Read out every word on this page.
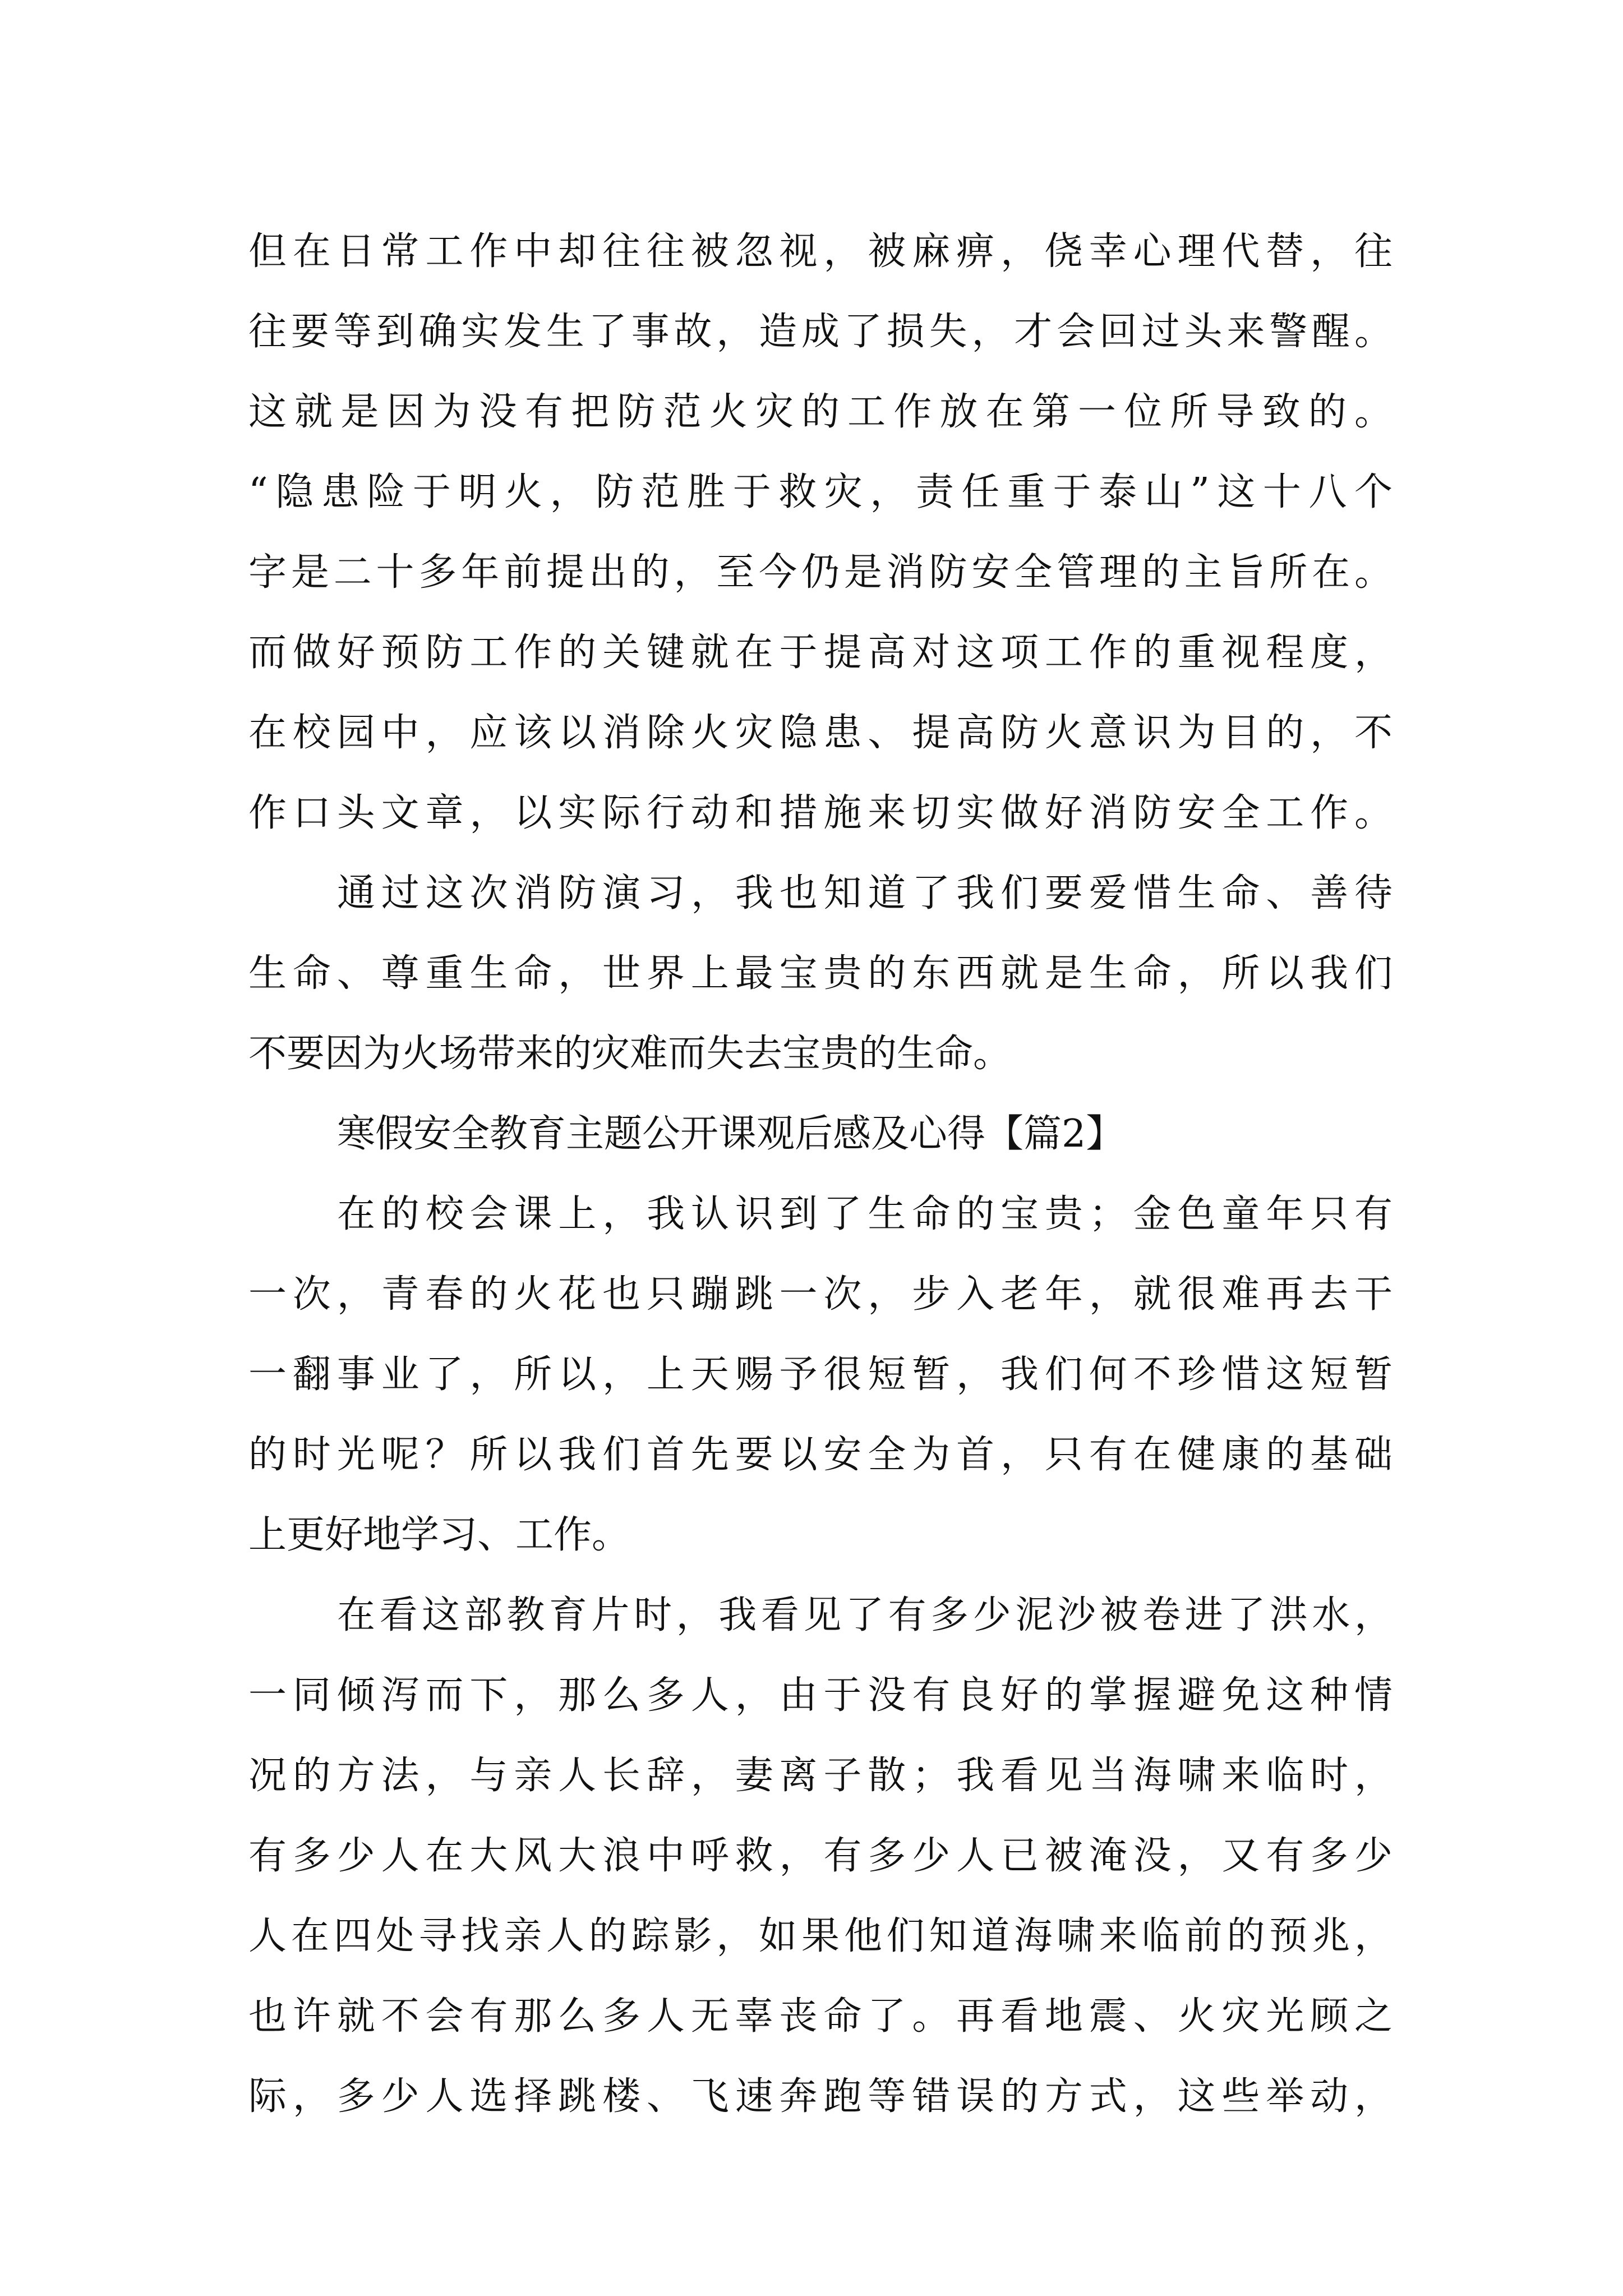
但在日常工作中却往往被忽视，被麻痹，侥幸心理代替，往
往要等到确实发生了事故，造成了损失，才会回过头来警醒。
这就是因为没有把防范火灾的工作放在第一位所导致的。
“隐患险于明火，防范胜于救灾，责任重于泰山”这十八个
字是二十多年前提出的，至今仍是消防安全管理的主旨所在。
而做好预防工作的关键就在于提高对这项工作的重视程度，
在校园中，应该以消除火灾隐患、提高防火意识为目的，不
作口头文章，以实际行动和措施来切实做好消防安全工作。
通过这次消防演习，我也知道了我们要爱惜生命、善待
生命、尊重生命，世界上最宝贵的东西就是生命，所以我们
不要因为火场带来的灾难而失去宝贵的生命。
寒假安全教育主题公开课观后感及心得【篇2】
在的校会课上，我认识到了生命的宝贵；金色童年只有
一次，青春的火花也只蹦跳一次，步入老年，就很难再去干
一翻事业了，所以，上天赐予很短暂，我们何不珍惜这短暂
的时光呢？所以我们首先要以安全为首，只有在健康的基础
上更好地学习、工作。
在看这部教育片时，我看见了有多少泥沙被卷进了洪水，
一同倾泻而下，那么多人，由于没有良好的掌握避免这种情
况的方法，与亲人长辞，妻离子散；我看见当海啸来临时，
有多少人在大风大浪中呼救，有多少人已被淹没，又有多少
人在四处寻找亲人的踪影，如果他们知道海啸来临前的预兆，
也许就不会有那么多人无辜丧命了。再看地震、火灾光顾之
际，多少人选择跳楼、飞速奔跑等错误的方式，这些举动，
